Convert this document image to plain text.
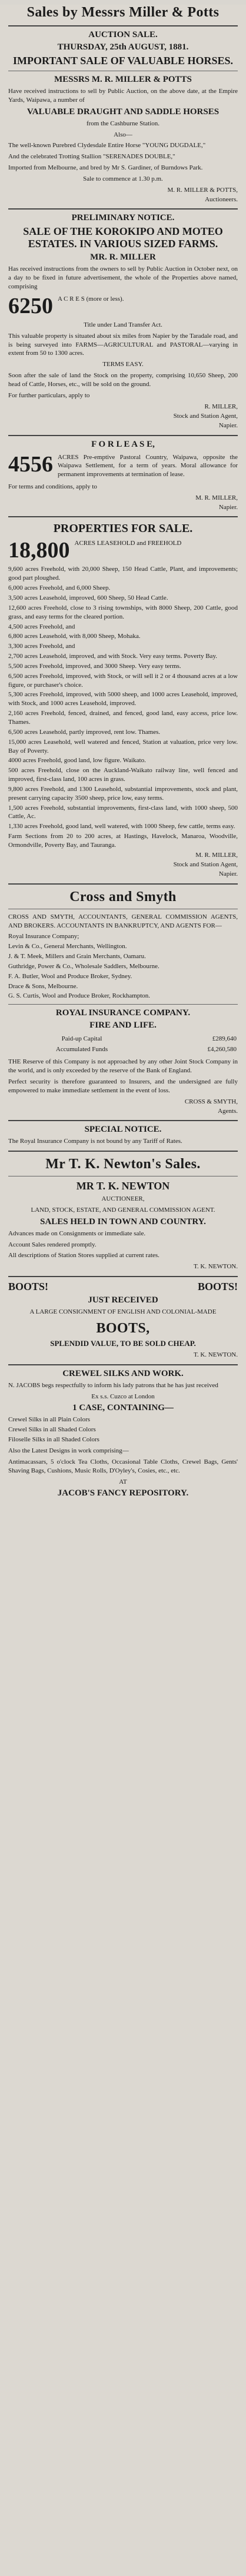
Sales by Messrs Miller & Potts
AUCTION SALE.
THURSDAY, 25th AUGUST, 1881.
IMPORTANT SALE OF VALUABLE HORSES.
MESSRS M. R. MILLER & POTTS
Have received instructions to sell by Public Auction, on the above date, at the Empire Yards, Waipawa, a number of
VALUABLE DRAUGHT AND SADDLE HORSES
from the Cashburne Station.
Also—
The well-known Purebred Clydesdale Entire Horse "YOUNG DUGDALE,"
And the celebrated Trotting Stallion "SERENADES DOUBLE,"
Imported from Melbourne, and bred by Mr S. Gardiner, of Burndows Park.
Sale to commence at 1.30 p.m.
M. R. MILLER & POTTS,
Auctioneers.
PRELIMINARY NOTICE.
SALE OF THE KOROKIPO AND MOTEO ESTATES. IN VARIOUS SIZED FARMS.
MR. R. MILLER
Has received instructions from the owners to sell by Public Auction in October next, on a day to be fixed in future advertisement, the whole of the Properties above named, comprising
6250 A C R E S (more or less).
Title under Land Transfer Act.
This valuable property is situated about six miles from Napier by the Taradale road, and is being surveyed into FARMS—AGRICULTURAL and PASTORAL—varying in extent from 50 to 1300 acres.
TERMS EASY.
Soon after the sale of land the Stock on the property, comprising 10,650 Sheep, 200 head of Cattle, Horses, etc., will be sold on the ground.
For further particulars, apply to
R. MILLER,
Stock and Station Agent,
Napier.
F O R L E A S E,
4556 ACRES Pre-emptive Pastoral Country, Waipawa, opposite the Waipawa Settlement, for a term of years. Moral allowance for permanent improvements at termination of lease.
For terms and conditions, apply to
M. R. MILLER,
Napier.
PROPERTIES FOR SALE.
18,800 ACRES LEASEHOLD and FREEHOLD
9,600 acres Freehold, with 20,000 Sheep, 150 Head Cattle, Plant, and improvements; good part ploughed.
6,000 acres Freehold, and 6,000 Sheep.
3,500 acres Leasehold, improved, 600 Sheep, 50 Head Cattle.
12,600 acres Freehold, close to 3 rising townships, with 8000 Sheep, 200 Cattle, good grass, and easy terms for the cleared portion.
4,500 acres Freehold, and
6,800 acres Leasehold, with 8,000 Sheep, Mohaka.
3,300 acres Freehold, and
2,700 acres Leasehold, improved, and with Stock. Very easy terms. Poverty Bay.
5,500 acres Freehold, improved, and 3000 Sheep. Very easy terms.
6,500 acres Freehold, improved, with Stock, or will sell it 2 or 4 thousand acres at a low figure, or purchaser's choice.
5,300 acres Freehold, improved, with 5000 sheep, and 1000 acres Leasehold, improved, with Stock, and 1000 acres Leasehold, improved.
2,160 acres Freehold, fenced, drained, and fenced, good land, easy access, price low. Thames.
6,500 acres Leasehold, partly improved, rent low. Thames.
15,000 acres Leasehold, well watered and fenced, Station at valuation, price very low. Bay of Poverty.
4000 acres Freehold, good land, low figure. Waikato.
500 acres Freehold, close on the Auckland-Waikato railway line, well fenced and improved, first-class land, 100 acres in grass.
9,800 acres Freehold, and 1300 Leasehold, substantial improvements, stock and plant, present carrying capacity 3500 sheep, price low, easy terms.
1,500 acres Freehold, substantial improvements, first-class land, with 1000 sheep, 500 Cattle, Ac.
1,330 acres Freehold, good land, well watered, with 1000 Sheep, few cattle, terms easy.
Farm Sections from 20 to 200 acres, at Hastings, Havelock, Manaroa, Woodville, Ormondville, Poverty Bay, and Tauranga.
M. R. MILLER,
Stock and Station Agent,
Napier.
Cross and Smyth
CROSS AND SMYTH, ACCOUNTANTS, GENERAL COMMISSION AGENTS, AND BROKERS. ACCOUNTANTS IN BANKRUPTCY, AND AGENTS FOR—
Royal Insurance Company;
Levin & Co., General Merchants, Wellington.
J. & T. Meek, Millers and Grain Merchants, Oamaru.
Guthridge, Power & Co., Wholesale Saddlers, Melbourne.
F. A. Butler, Wool and Produce Broker, Sydney.
Drace & Sons, Melbourne.
G. S. Curtis, Wool and Produce Broker, Rockhampton.
ROYAL INSURANCE COMPANY.
FIRE AND LIFE.
Paid-up Capital	£289,640
Accumulated Funds	£4,260,580
THE Reserve of this Company is not approached by any other Joint Stock Company in the world, and is only exceeded by the reserve of the Bank of England.
Perfect security is therefore guaranteed to Insurers, and the undersigned are fully empowered to make immediate settlement in the event of loss.
CROSS & SMYTH,
Agents.
SPECIAL NOTICE.
The Royal Insurance Company is not bound by any Tariff of Rates.
Mr T. K. Newton's Sales.
MR T. K. NEWTON
AUCTIONEER,
LAND, STOCK, ESTATE, AND GENERAL COMMISSION AGENT.
SALES HELD IN TOWN AND COUNTRY.
Advances made on Consignments or immediate sale.
Account Sales rendered promptly.
All descriptions of Station Stores supplied at current rates.
T. K. NEWTON.
BOOTS!	BOOTS!
JUST RECEIVED
A LARGE CONSIGNMENT OF ENGLISH AND COLONIAL-MADE
BOOTS,
SPLENDID VALUE, TO BE SOLD CHEAP.
T. K. NEWTON.
CREWEL SILKS AND WORK.
N. JACOBS begs respectfully to inform his lady patrons that he has just received
Ex s.s. Cuzco at London
1 CASE, CONTAINING—
Crewel Silks in all Plain Colors
Crewel Silks in all Shaded Colors
Filoselle Silks in all Shaded Colors
Also the Latest Designs in work comprising—
Antimacassars, 5 o'clock Tea Cloths, Occasional Table Cloths, Crewel Bags, Gents' Shaving Bags, Cushions, Music Rolls, D'Oyley's, Cosies, etc., etc.
AT
JACOB'S FANCY REPOSITORY.
